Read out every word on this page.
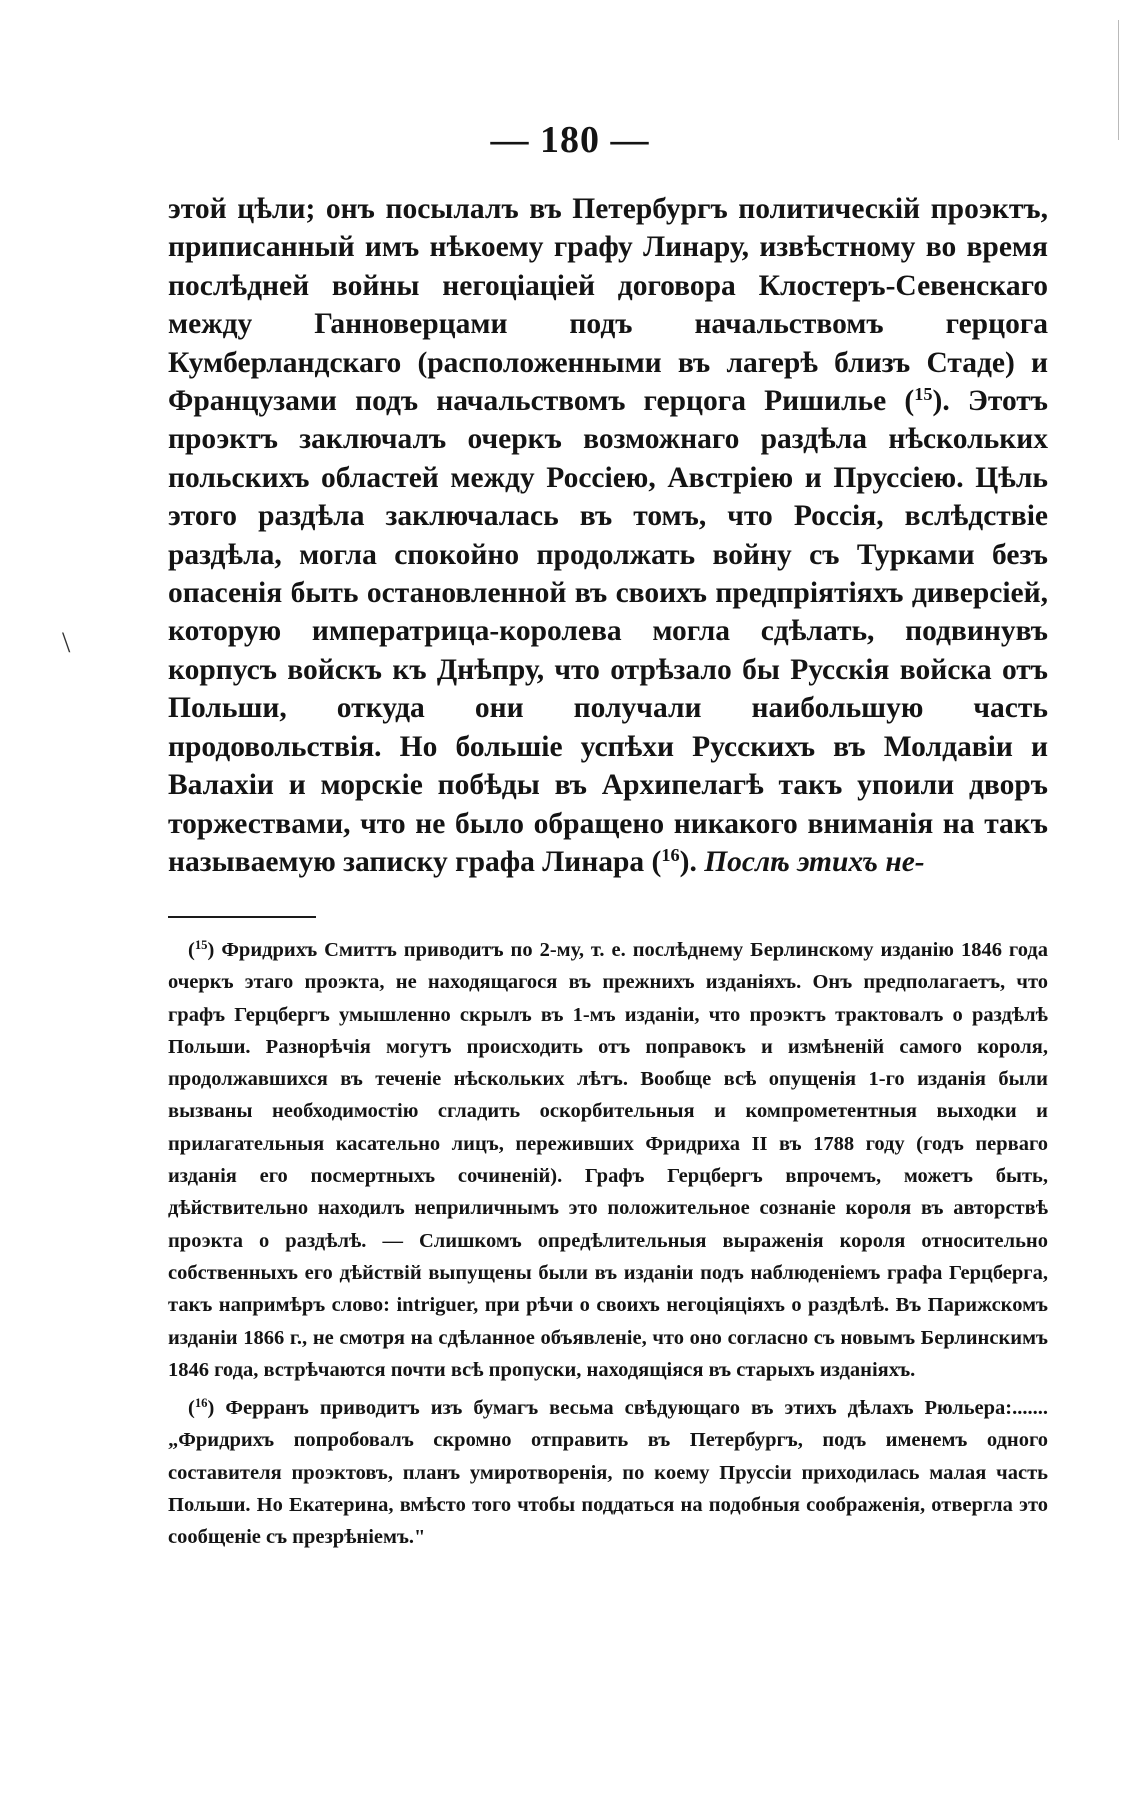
— 180 —
\
этой цѣли; онъ посылалъ въ Петербургъ политическій проэктъ, приписанный имъ нѣкоему графу Линару, извѣстному во время послѣдней войны негоціаціей договора Клостеръ-Севенскаго между Ганноверцами подъ начальствомъ герцога Кумберландскаго (расположенными въ лагерѣ близъ Стаде) и Французами подъ начальствомъ герцога Ришилье ($^{15}$). Этотъ проэктъ заключалъ очеркъ возможнаго раздѣла нѣскольких польскихъ областей между Россіею, Австріею и Пруссіею. Цѣль этого раздѣла заключалась въ томъ, что Россія, вслѣдствіе раздѣла, могла спокойно продолжать войну съ Турками безъ опасенія быть остановленной въ своихъ предпріятіяхъ диверсіей, которую императрица-королева могла сдѣлать, подвинувъ корпусъ войскъ къ Днѣпру, что отрѣзало бы Русскія войска отъ Польши, откуда они получали наибольшую часть продовольствія. Но большіе успѣхи Русскихъ въ Молдавіи и Валахіи и морскіе побѣды въ Архипелагѣ такъ упоили дворъ торжествами, что не было обращено никакого вниманія на такъ называемую записку графа Линара ($^{16}$). Послѣ этихъ не-

($^{15}$) Фридрихъ Смиттъ приводитъ по 2-му, т. е. послѣднему Берлинскому изданію 1846 года очеркъ этаго проэкта, не находящагося въ прежнихъ изданіяхъ. Онъ предполагаетъ, что графъ Герцбергъ умышленно скрылъ въ 1-мъ изданіи, что проэктъ трактовалъ о раздѣлѣ Польши. Разнорѣчія могутъ происходить отъ поправокъ и измѣненій самого короля, продолжавшихся въ теченіе нѣскольких лѣтъ. Вообще всѣ опущенія 1-го изданія были вызваны необходимостію сгладить оскорбительныя и компрометентныя выходки и прилагательныя касательно лицъ, переживших Фридриха II въ 1788 году (годъ перваго изданія его посмертныхъ сочиненій). Графъ Герцбергъ впрочемъ, можетъ быть, дѣйствительно находилъ неприличнымъ это положительное сознаніе короля въ авторствѣ проэкта о раздѣлѣ. — Слишкомъ опредѣлительныя выраженія короля относительно собственныхъ его дѣйствій выпущены были въ изданіи подъ наблюденіемъ графа Герцберга, такъ напримѣръ слово: intriguer, при рѣчи о своихъ негоціяціяхъ о раздѣлѣ. Въ Парижскомъ изданіи 1866 г., не смотря на сдѣланное объявленіе, что оно согласно съ новымъ Берлинскимъ 1846 года, встрѣчаются почти всѣ пропуски, находящіяся въ старыхъ изданіяхъ.

($^{16}$) Ферранъ приводитъ изъ бумагъ весьма свѣдующаго въ этихъ дѣлахъ Рюльера:....... „Фридрихъ попробовалъ скромно отправить въ Петербургъ, подъ именемъ одного составителя проэктовъ, планъ умиротворенія, по кoему Пруссіи приходилась малая часть Польши. Но Екатерина, вмѣсто того чтобы поддаться на подобныя соображенія, отвергла это сообщеніе съ презрѣніемъ."
